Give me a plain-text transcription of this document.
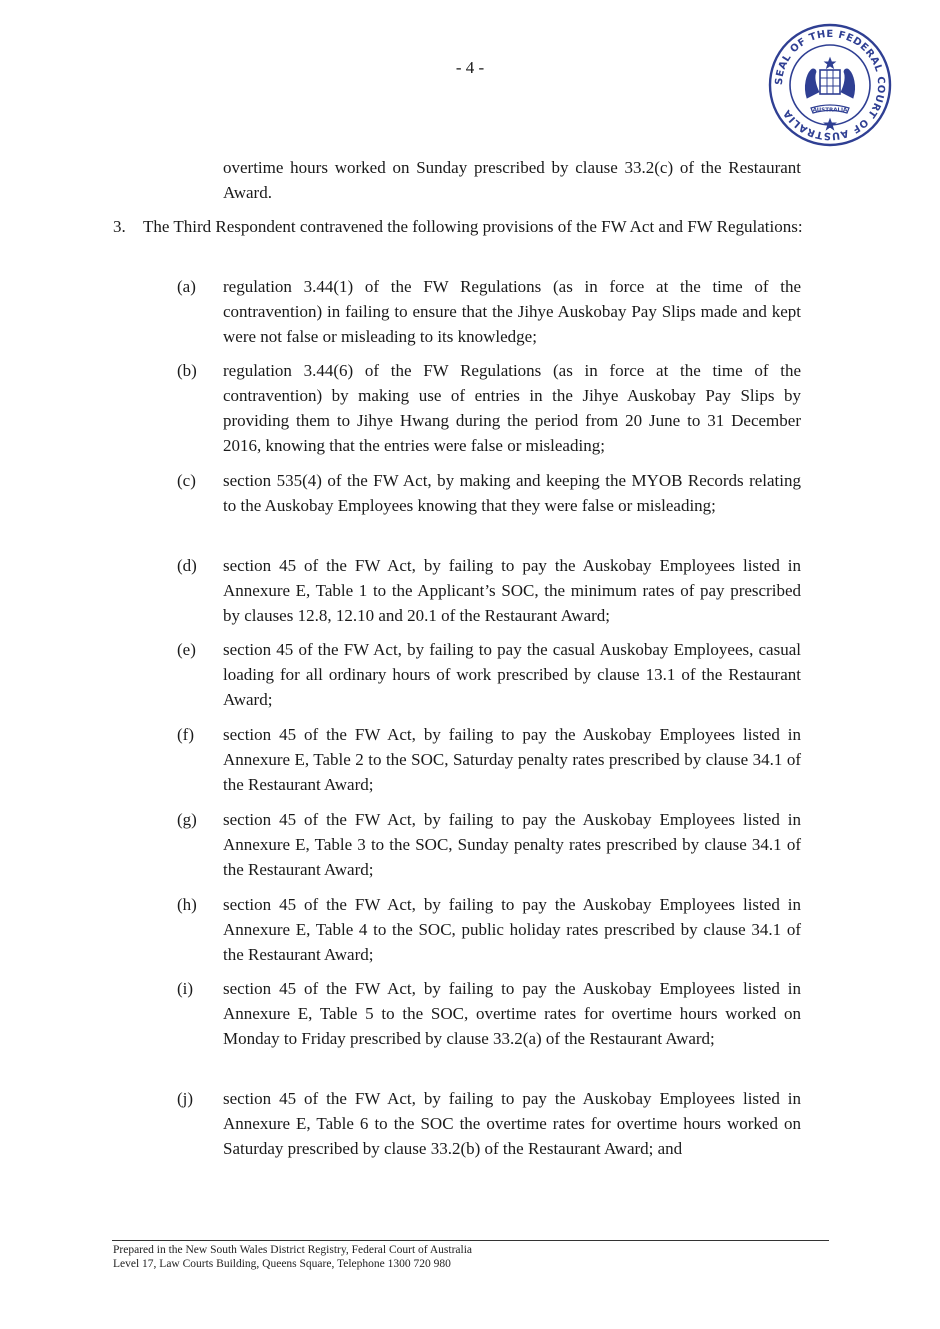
- 4 -
SEAL OF THE FEDERAL COURT OF AUSTRALIA	AUSTRALIA
overtime hours worked on Sunday prescribed by clause 33.2(c) of the Restaurant Award.
3. The Third Respondent contravened the following provisions of the FW Act and FW Regulations:
(a)	regulation 3.44(1) of the FW Regulations (as in force at the time of the contravention) in failing to ensure that the Jihye Auskobay Pay Slips made and kept were not false or misleading to its knowledge;
(b)	regulation 3.44(6) of the FW Regulations (as in force at the time of the contravention) by making use of entries in the Jihye Auskobay Pay Slips by providing them to Jihye Hwang during the period from 20 June to 31 December 2016, knowing that the entries were false or misleading;
(c)	section 535(4) of the FW Act, by making and keeping the MYOB Records relating to the Auskobay Employees knowing that they were false or misleading;
(d)	section 45 of the FW Act, by failing to pay the Auskobay Employees listed in Annexure E, Table 1 to the Applicant’s SOC, the minimum rates of pay prescribed by clauses 12.8, 12.10 and 20.1 of the Restaurant Award;
(e)	section 45 of the FW Act, by failing to pay the casual Auskobay Employees, casual loading for all ordinary hours of work prescribed by clause 13.1 of the Restaurant Award;
(f)	section 45 of the FW Act, by failing to pay the Auskobay Employees listed in Annexure E, Table 2 to the SOC, Saturday penalty rates prescribed by clause 34.1 of the Restaurant Award;
(g)	section 45 of the FW Act, by failing to pay the Auskobay Employees listed in Annexure E, Table 3 to the SOC, Sunday penalty rates prescribed by clause 34.1 of the Restaurant Award;
(h)	section 45 of the FW Act, by failing to pay the Auskobay Employees listed in Annexure E, Table 4 to the SOC, public holiday rates prescribed by clause 34.1 of the Restaurant Award;
(i)	section 45 of the FW Act, by failing to pay the Auskobay Employees listed in Annexure E, Table 5 to the SOC, overtime rates for overtime hours worked on Monday to Friday prescribed by clause 33.2(a) of the Restaurant Award;
(j)	section 45 of the FW Act, by failing to pay the Auskobay Employees listed in Annexure E, Table 6 to the SOC the overtime rates for overtime hours worked on Saturday prescribed by clause 33.2(b) of the Restaurant Award; and
Prepared in the New South Wales District Registry, Federal Court of Australia
Level 17, Law Courts Building, Queens Square, Telephone 1300 720 980
